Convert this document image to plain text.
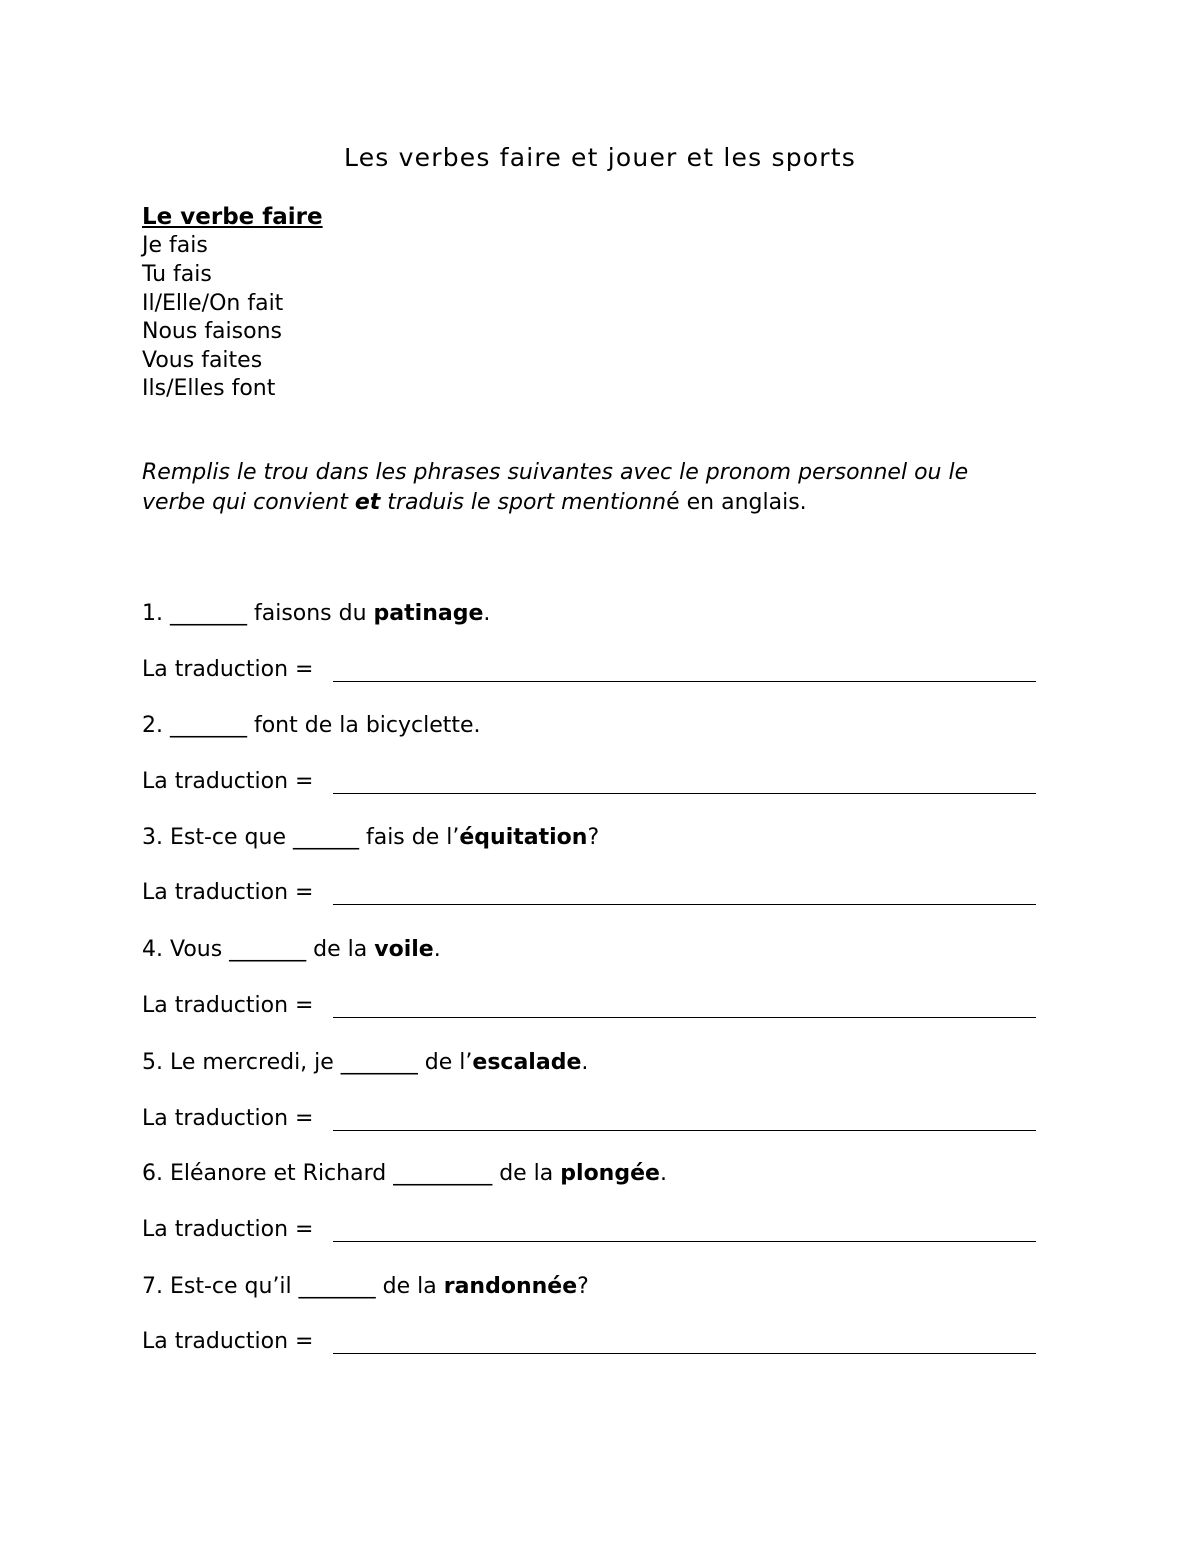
Les verbes faire et jouer et les sports
Le verbe faire
Je fais
Tu fais
Il/Elle/On fait
Nous faisons
Vous faites
Ils/Elles font
Remplis le trou dans les phrases suivantes avec le pronom personnel ou le
verbe qui convient et traduis le sport mentionné en anglais.
1. _______ faisons du patinage.
La traduction =
2. _______ font de la bicyclette.
La traduction =
3. Est-ce que ______ fais de l’équitation?
La traduction =
4. Vous _______ de la voile.
La traduction =
5. Le mercredi, je _______ de l’escalade.
La traduction =
6. Eléanore et Richard _________ de la plongée.
La traduction =
7. Est-ce qu’il _______ de la randonnée?
La traduction =
